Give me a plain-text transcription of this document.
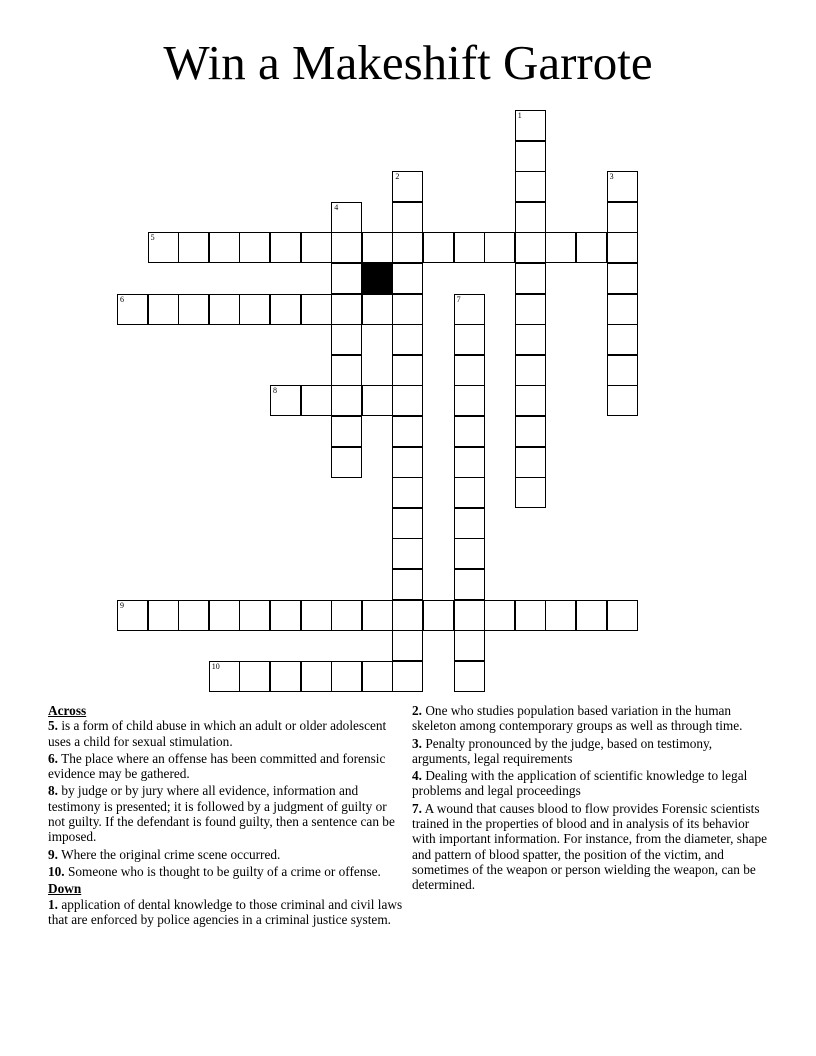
Win a Makeshift Garrote
1
2	3
4
5
6	7
8
9
10
Across
5. is a form of child abuse in which an adult or older adolescent uses a child for sexual stimulation.
6. The place where an offense has been committed and forensic evidence may be gathered.
8. by judge or by jury where all evidence, information and testimony is presented; it is followed by a judgment of guilty or not guilty. If the defendant is found guilty, then a sentence can be imposed.
9. Where the original crime scene occurred.
10. Someone who is thought to be guilty of a crime or offense.
Down
1. application of dental knowledge to those criminal and civil laws that are enforced by police agencies in a criminal justice system.
2. One who studies population based variation in the human skeleton among contemporary groups as well as through time.
3. Penalty pronounced by the judge, based on testimony, arguments, legal requirements
4. Dealing with the application of scientific knowledge to legal problems and legal proceedings
7. A wound that causes blood to flow provides Forensic scientists trained in the properties of blood and in analysis of its behavior with important information. For instance, from the diameter, shape and pattern of blood spatter, the position of the victim, and sometimes of the weapon or person wielding the weapon, can be determined.
